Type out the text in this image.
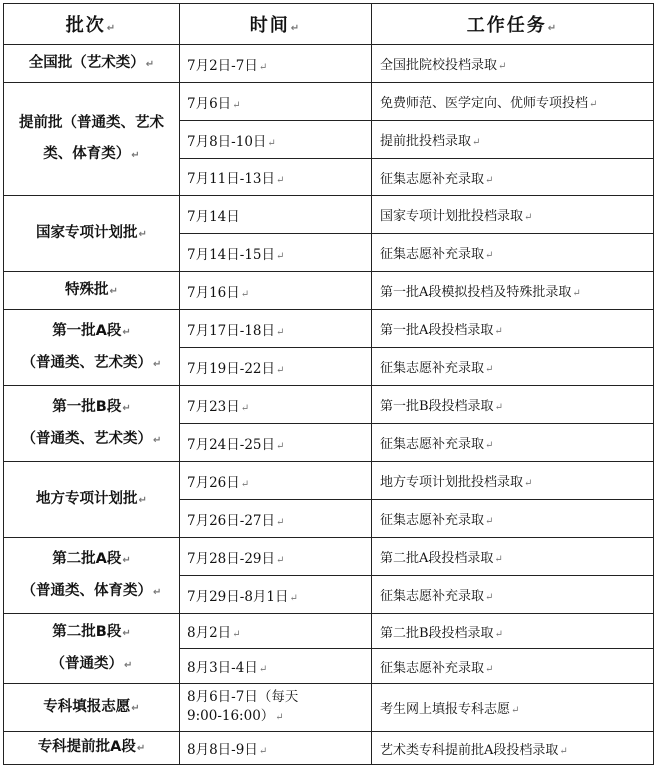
批次↵	时间↵	工作任务↵
全国批（艺术类）↵	7月2日-7日↵	全国批院校投档录取↵

提前批（普通类、艺术
类、体育类）↵	7月6日↵	免费师范、医学定向、优师专项投档↵
	7月8日-10日↵	提前批投档录取↵
	7月11日-13日↵	征集志愿补充录取↵
国家专项计划批↵	7月14日	国家专项计划批投档录取↵
	7月14日-15日↵	征集志愿补充录取↵
特殊批↵	7月16日↵	第一批A段模拟投档及特殊批录取↵

第一批A段↵
（普通类、艺术类）↵	7月17日-18日↵	第一批A段投档录取↵
	7月19日-22日↵	征集志愿补充录取↵

第一批B段↵
（普通类、艺术类）↵	7月23日↵	第一批B段投档录取↵
	7月24日-25日↵	征集志愿补充录取↵
地方专项计划批↵	7月26日↵	地方专项计划批投档录取↵
	7月26日-27日↵	征集志愿补充录取↵

第二批A段↵
（普通类、体育类）↵	7月28日-29日↵	第二批A段投档录取↵
	7月29日-8月1日↵	征集志愿补充录取↵

第二批B段↵
（普通类）↵	8月2日↵	第二批B段投档录取↵
	8月3日-4日↵	征集志愿补充录取↵
专科填报志愿↵	8月6日-7日（每天
9:00-16:00）↵	考生网上填报专科志愿↵
专科提前批A段↵	8月8日-9日↵	艺术类专科提前批A段投档录取↵
